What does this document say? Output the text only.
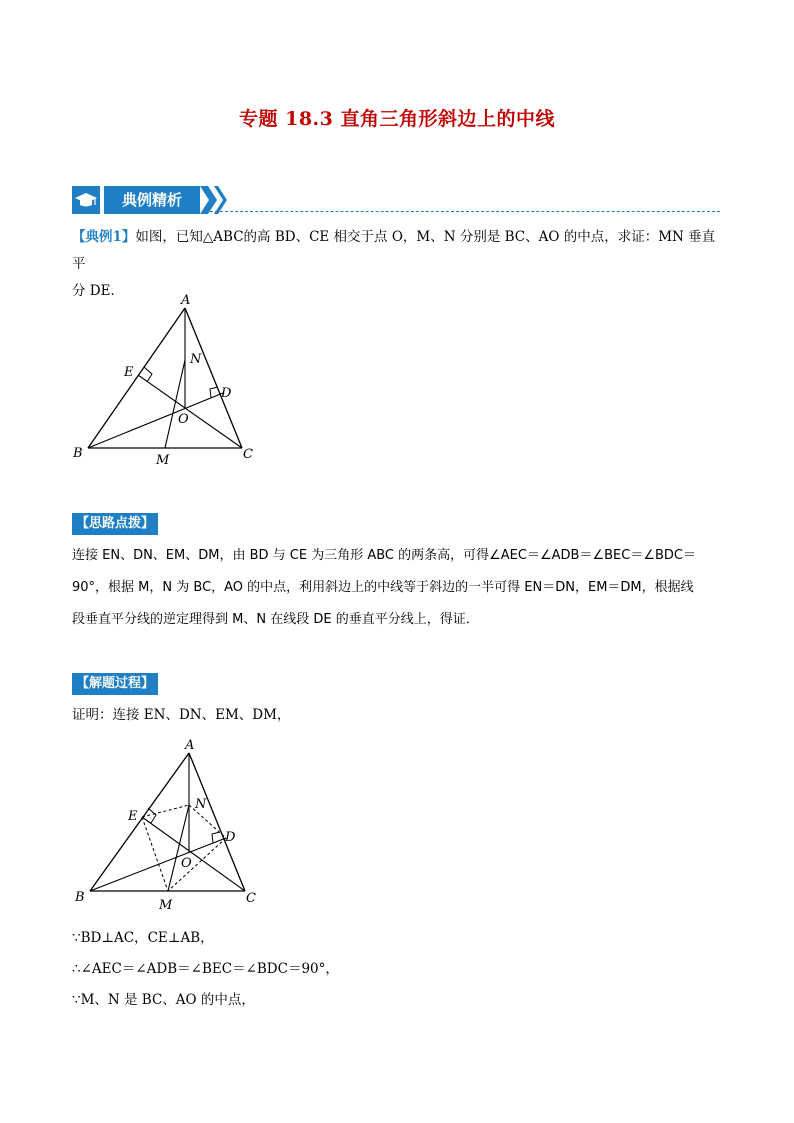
专题 18.3 直角三角形斜边上的中线
典例精析
【典例1】如图，已知△ABC的高 BD、CE 相交于点 O，M、N 分别是 BC、AO 的中点，求证：MN 垂直平
分 DE．
A
N
E
D
O
B	M	C
【思路点拨】
连接 EN、DN、EM、DM，由 BD 与 CE 为三角形 ABC 的两条高，可得∠AEC＝∠ADB＝∠BEC＝∠BDC＝
90°，根据 M，N 为 BC，AO 的中点，利用斜边上的中线等于斜边的一半可得 EN＝DN，EM＝DM，根据线
段垂直平分线的逆定理得到 M、N 在线段 DE 的垂直平分线上，得证．
【解题过程】
证明：连接 EN、DN、EM、DM，
A
N
E
D
O
B
M	C
∵BD⊥AC，CE⊥AB，
∴∠AEC＝∠ADB＝∠BEC＝∠BDC＝90°，
∵M、N 是 BC、AO 的中点，
